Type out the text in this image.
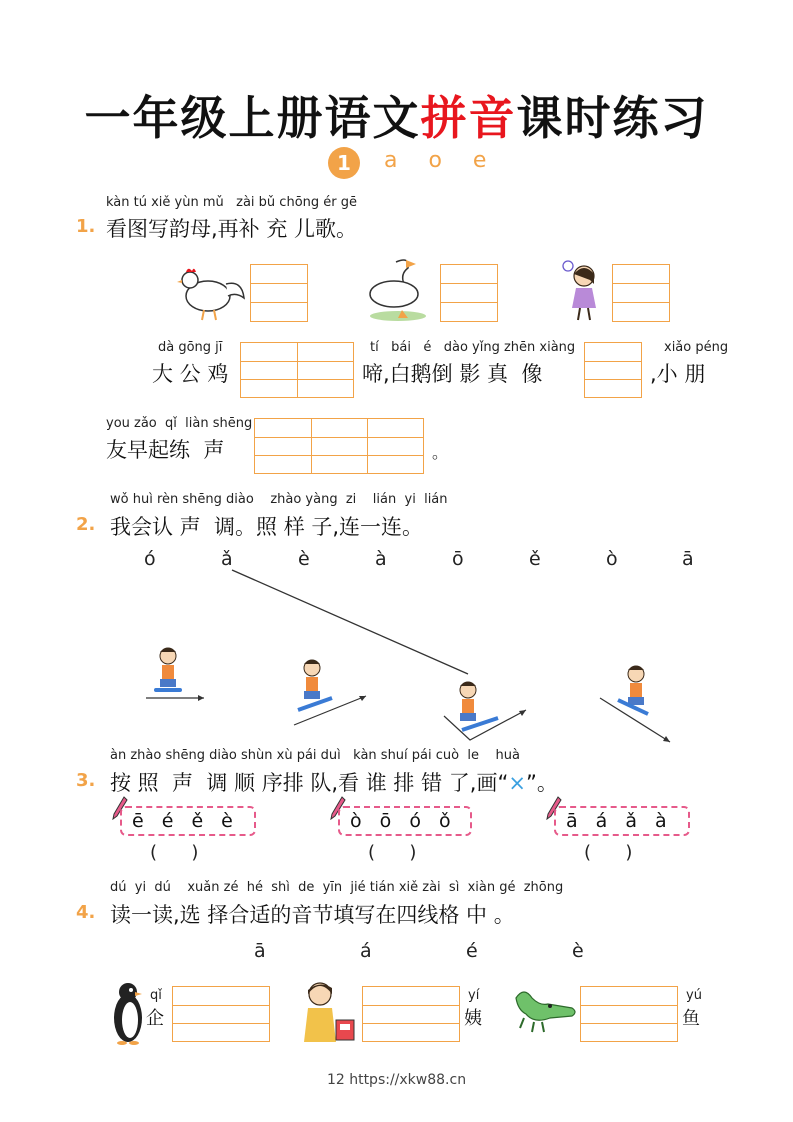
一年级上册语文拼音课时练习
1	a o e
kàn tú xiě yùn mǔ   zài bǔ chōng ér gē
1. 看图写韵母,再补 充 儿歌。
dà gōng jī
大 公 鸡
tí   bái   é   dào yǐng zhēn xiàng
啼,白鹅倒 影 真  像
xiǎo péng
,小 朋
you zǎo  qǐ  liàn shēng
友早起练  声	。
wǒ huì rèn shēng diào    zhào yàng  zi    lián  yi  lián
2. 我会认 声  调。照 样 子,连一连。
ó	ǎ	è	à	ō	ě	ò	ā
àn zhào shēng diào shùn xù pái duì   kàn shuí pái cuò  le    huà
3. 按 照  声  调 顺 序排 队,看 谁 排 错 了,画“×”。
ē é ě è
(      )
ò ō ó ǒ
(      )
ā á ǎ à
(      )
dú  yi  dú    xuǎn zé  hé  shì  de  yīn  jié tián xiě zài  sì  xiàn gé  zhōng
4. 读一读,选 择合适的音节填写在四线格 中 。
ā	á	é	è
qǐ
企
yí
姨
yú
鱼
12 https://xkw88.cn
